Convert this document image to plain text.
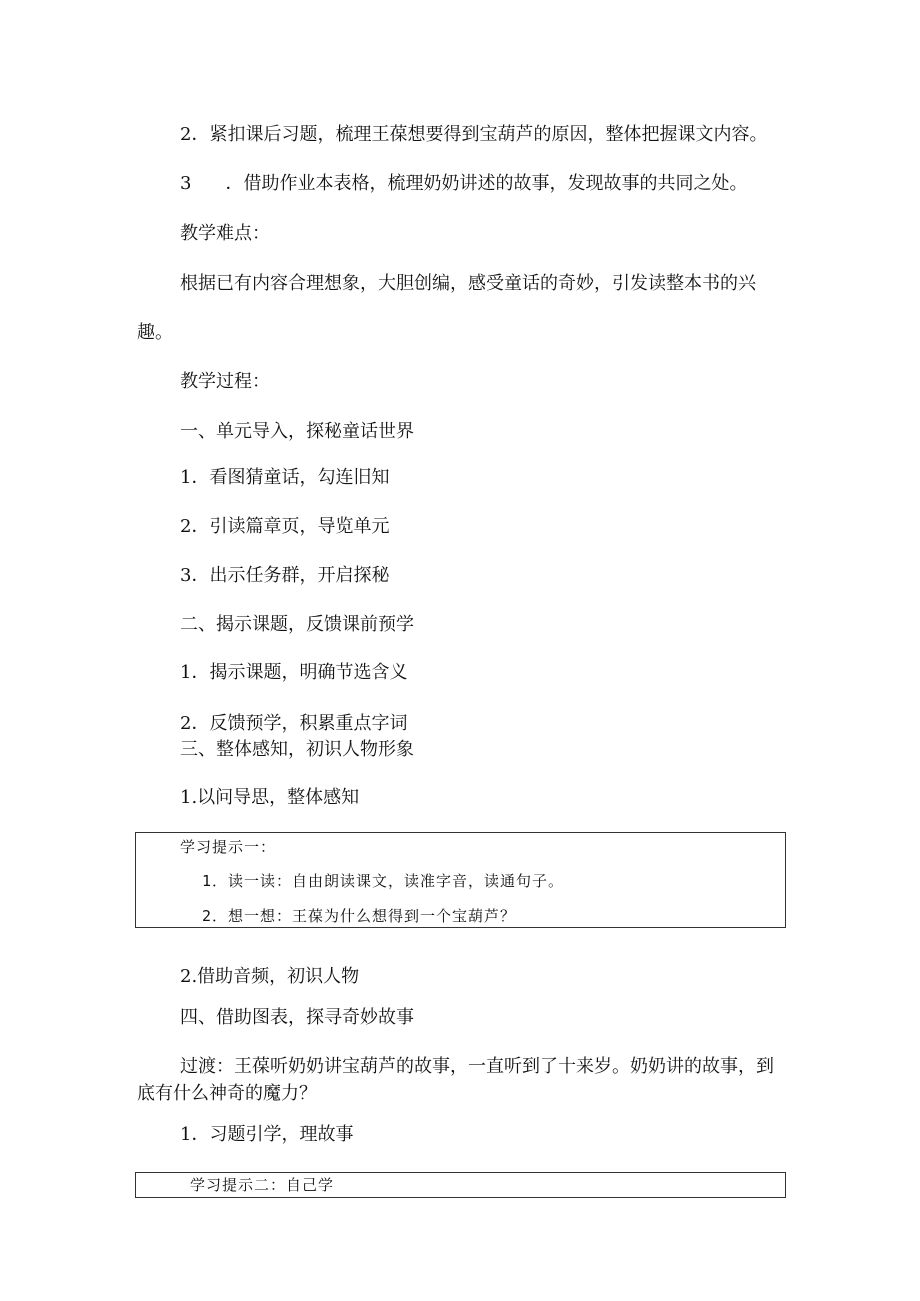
2．紧扣课后习题，梳理王葆想要得到宝葫芦的原因，整体把握课文内容。
3 ．借助作业本表格，梳理奶奶讲述的故事，发现故事的共同之处。
教学难点：
根据已有内容合理想象，大胆创编，感受童话的奇妙，引发读整本书的兴
趣。
教学过程：
一、单元导入，探秘童话世界
1．看图猜童话，勾连旧知
2．引读篇章页，导览单元
3．出示任务群，开启探秘
二、揭示课题，反馈课前预学
1．揭示课题，明确节选含义
2．反馈预学，积累重点字词
三、整体感知，初识人物形象
1.以问导思，整体感知
学习提示一：
1．读一读：自由朗读课文，读准字音，读通句子。
2．想一想：王葆为什么想得到一个宝葫芦？
2.借助音频，初识人物
四、借助图表，探寻奇妙故事
过渡：王葆听奶奶讲宝葫芦的故事，一直听到了十来岁。奶奶讲的故事，到
底有什么神奇的魔力？
1．习题引学，理故事
学习提示二：自己学
